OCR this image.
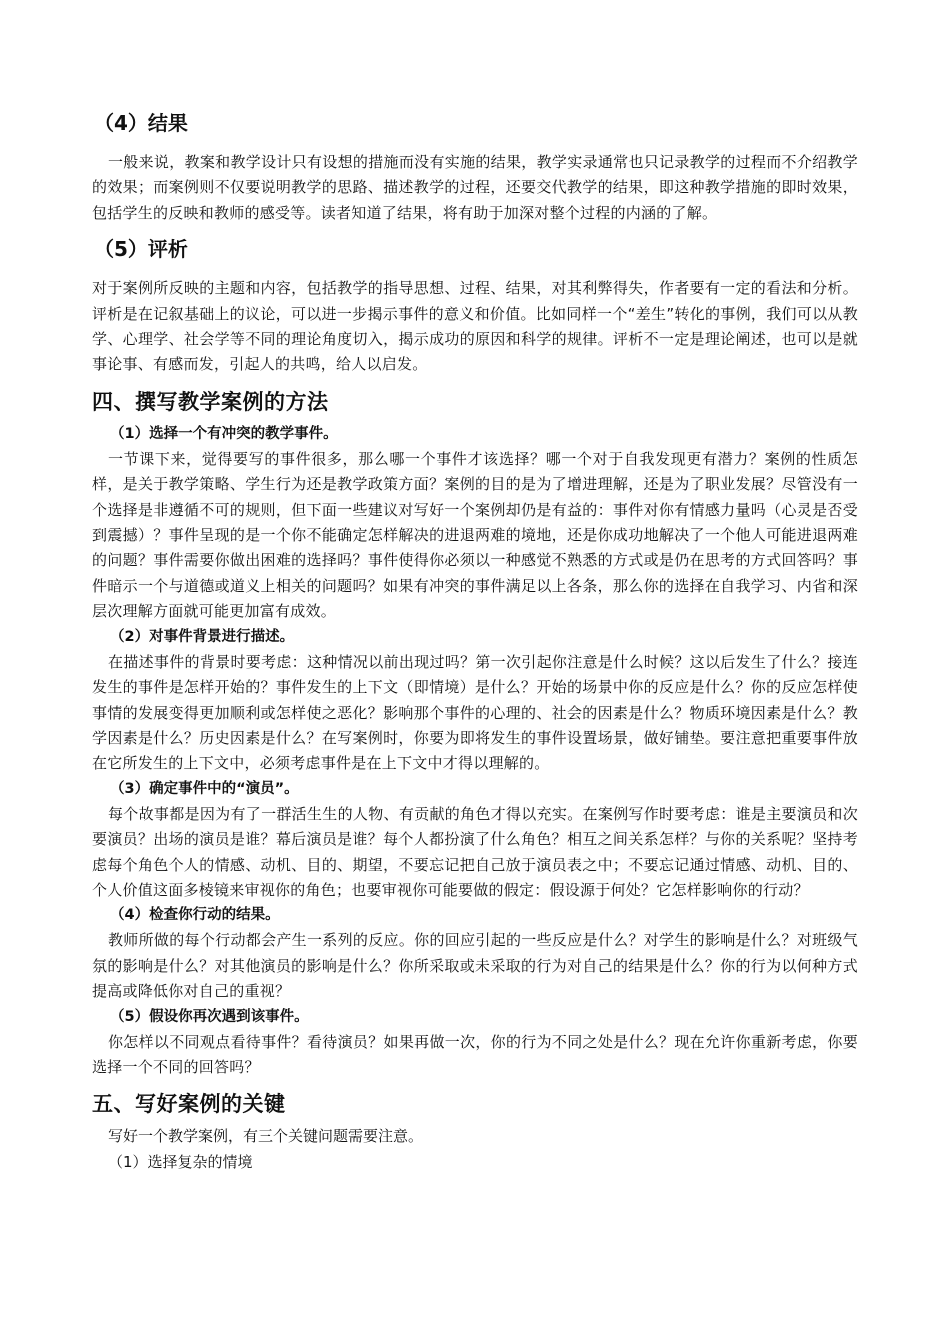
（4）结果

一般来说，教案和教学设计只有设想的措施而没有实施的结果，教学实录通常也只记录教学的过程而不介绍教学的效果；而案例则不仅要说明教学的思路、描述教学的过程，还要交代教学的结果，即这种教学措施的即时效果，包括学生的反映和教师的感受等。读者知道了结果，将有助于加深对整个过程的内涵的了解。

（5）评析

对于案例所反映的主题和内容，包括教学的指导思想、过程、结果，对其利弊得失，作者要有一定的看法和分析。评析是在记叙基础上的议论，可以进一步揭示事件的意义和价值。比如同样一个“差生”转化的事例，我们可以从教学、心理学、社会学等不同的理论角度切入，揭示成功的原因和科学的规律。评析不一定是理论阐述，也可以是就事论事、有感而发，引起人的共鸣，给人以启发。

四、撰写教学案例的方法

（1）选择一个有冲突的教学事件。

一节课下来，觉得要写的事件很多，那么哪一个事件才该选择？哪一个对于自我发现更有潜力？案例的性质怎样，是关于教学策略、学生行为还是教学政策方面？案例的目的是为了增进理解，还是为了职业发展？尽管没有一个选择是非遵循不可的规则，但下面一些建议对写好一个案例却仍是有益的：事件对你有情感力量吗（心灵是否受到震撼）？事件呈现的是一个你不能确定怎样解决的进退两难的境地，还是你成功地解决了一个他人可能进退两难的问题？事件需要你做出困难的选择吗？事件使得你必须以一种感觉不熟悉的方式或是仍在思考的方式回答吗？事件暗示一个与道德或道义上相关的问题吗？如果有冲突的事件满足以上各条，那么你的选择在自我学习、内省和深层次理解方面就可能更加富有成效。

（2）对事件背景进行描述。

在描述事件的背景时要考虑：这种情况以前出现过吗？第一次引起你注意是什么时候？这以后发生了什么？接连发生的事件是怎样开始的？事件发生的上下文（即情境）是什么？开始的场景中你的反应是什么？你的反应怎样使事情的发展变得更加顺利或怎样使之恶化？影响那个事件的心理的、社会的因素是什么？物质环境因素是什么？教学因素是什么？历史因素是什么？在写案例时，你要为即将发生的事件设置场景，做好铺垫。要注意把重要事件放在它所发生的上下文中，必须考虑事件是在上下文中才得以理解的。

（3）确定事件中的“演员”。

每个故事都是因为有了一群活生生的人物、有贡献的角色才得以充实。在案例写作时要考虑：谁是主要演员和次要演员？出场的演员是谁？幕后演员是谁？每个人都扮演了什么角色？相互之间关系怎样？与你的关系呢？坚持考虑每个角色个人的情感、动机、目的、期望，不要忘记把自己放于演员表之中；不要忘记通过情感、动机、目的、个人价值这面多棱镜来审视你的角色；也要审视你可能要做的假定：假设源于何处？它怎样影响你的行动？

（4）检查你行动的结果。

教师所做的每个行动都会产生一系列的反应。你的回应引起的一些反应是什么？对学生的影响是什么？对班级气氛的影响是什么？对其他演员的影响是什么？你所采取或未采取的行为对自己的结果是什么？你的行为以何种方式提高或降低你对自己的重视？

（5）假设你再次遇到该事件。

你怎样以不同观点看待事件？看待演员？如果再做一次，你的行为不同之处是什么？现在允许你重新考虑，你要选择一个不同的回答吗？

五、写好案例的关键

写好一个教学案例，有三个关键问题需要注意。

（1）选择复杂的情境
